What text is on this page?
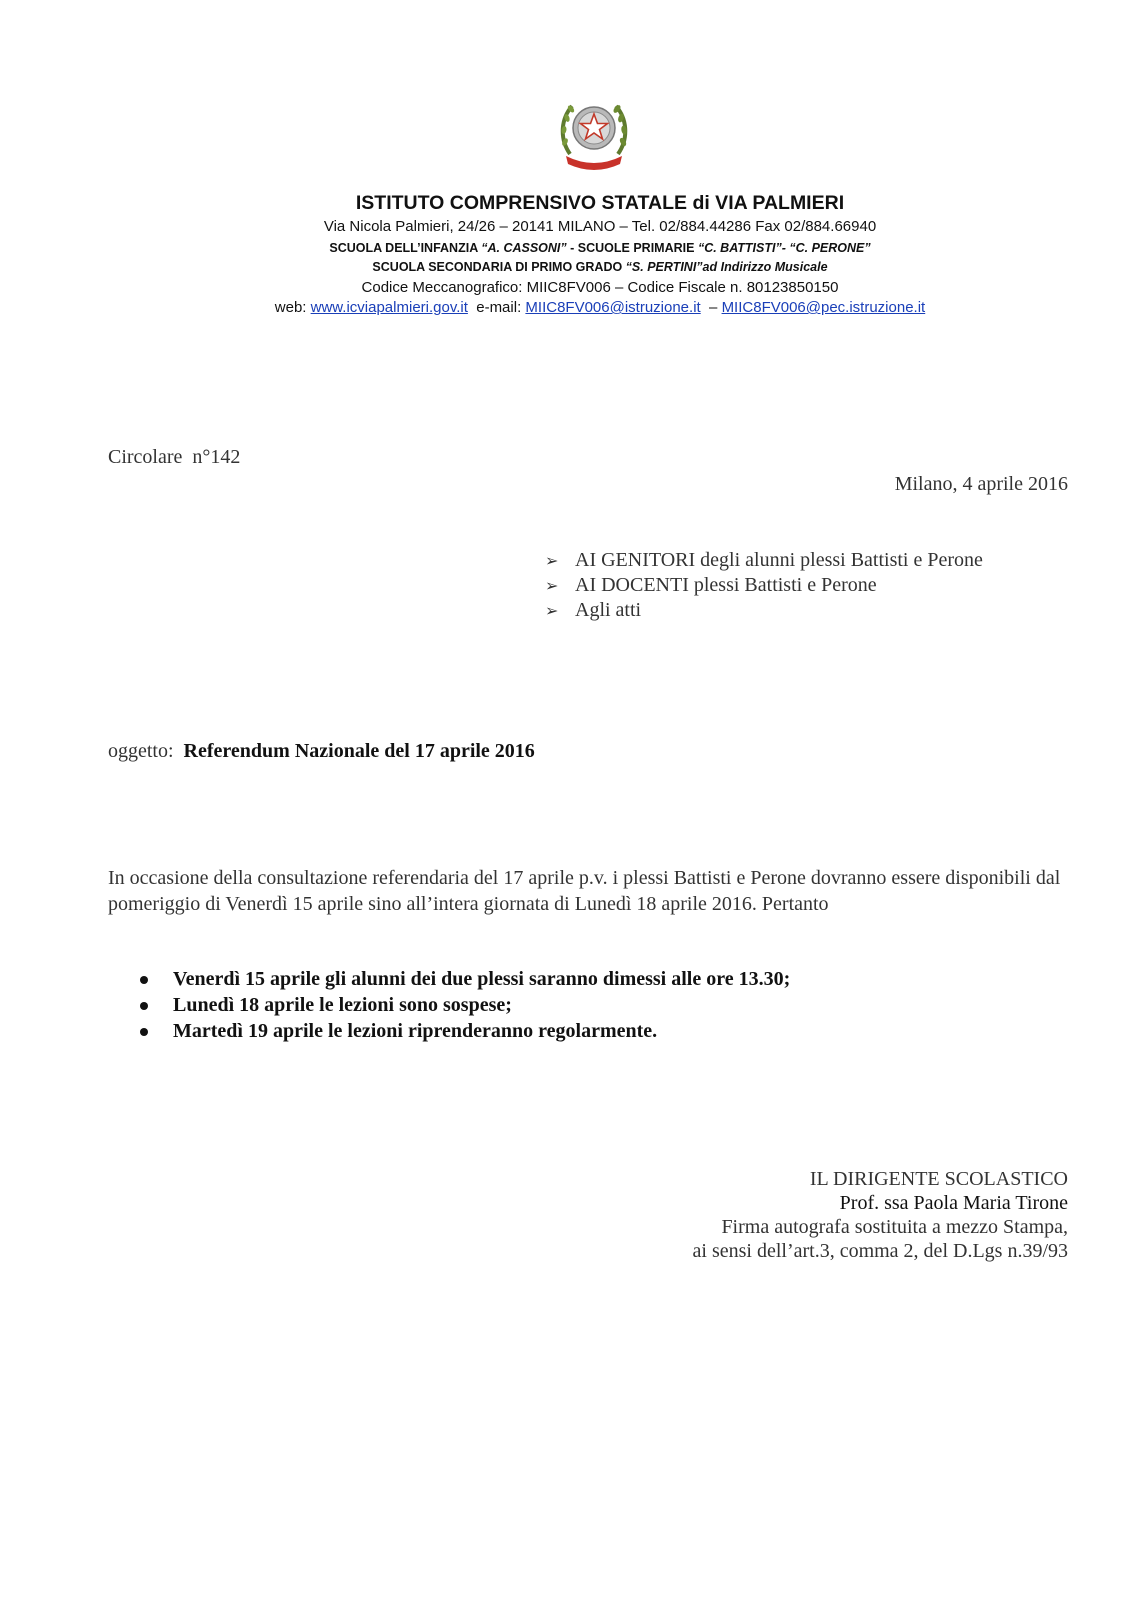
ISTITUTO COMPRENSIVO STATALE di VIA PALMIERI
Via Nicola Palmieri, 24/26 – 20141 MILANO – Tel. 02/884.44286 Fax 02/884.66940
SCUOLA DELL’INFANZIA “A. CASSONI” - SCUOLE PRIMARIE “C. BATTISTI”- “C. PERONE”
SCUOLA SECONDARIA DI PRIMO GRADO “S. PERTINI”ad Indirizzo Musicale
Codice Meccanografico: MIIC8FV006 – Codice Fiscale n. 80123850150
web: www.icviapalmieri.gov.it  e-mail: MIIC8FV006@istruzione.it  – MIIC8FV006@pec.istruzione.it
Circolare  n°142
Milano, 4 aprile 2016
➢ AI GENITORI degli alunni plessi Battisti e Perone
➢ AI DOCENTI plessi Battisti e Perone
➢ Agli atti
oggetto: Referendum Nazionale del 17 aprile 2016
In occasione della consultazione referendaria del 17 aprile p.v. i plessi Battisti e Perone dovranno essere disponibili dal pomeriggio di Venerdì 15 aprile sino all’intera giornata di Lunedì 18 aprile 2016. Pertanto
Venerdì 15 aprile gli alunni dei due plessi saranno dimessi alle ore 13.30;
Lunedì 18 aprile le lezioni sono sospese;
Martedì 19 aprile le lezioni riprenderanno regolarmente.
IL DIRIGENTE SCOLASTICO
Prof. ssa Paola Maria Tirone
Firma autografa sostituita a mezzo Stampa,
ai sensi dell’art.3, comma 2, del D.Lgs n.39/93
